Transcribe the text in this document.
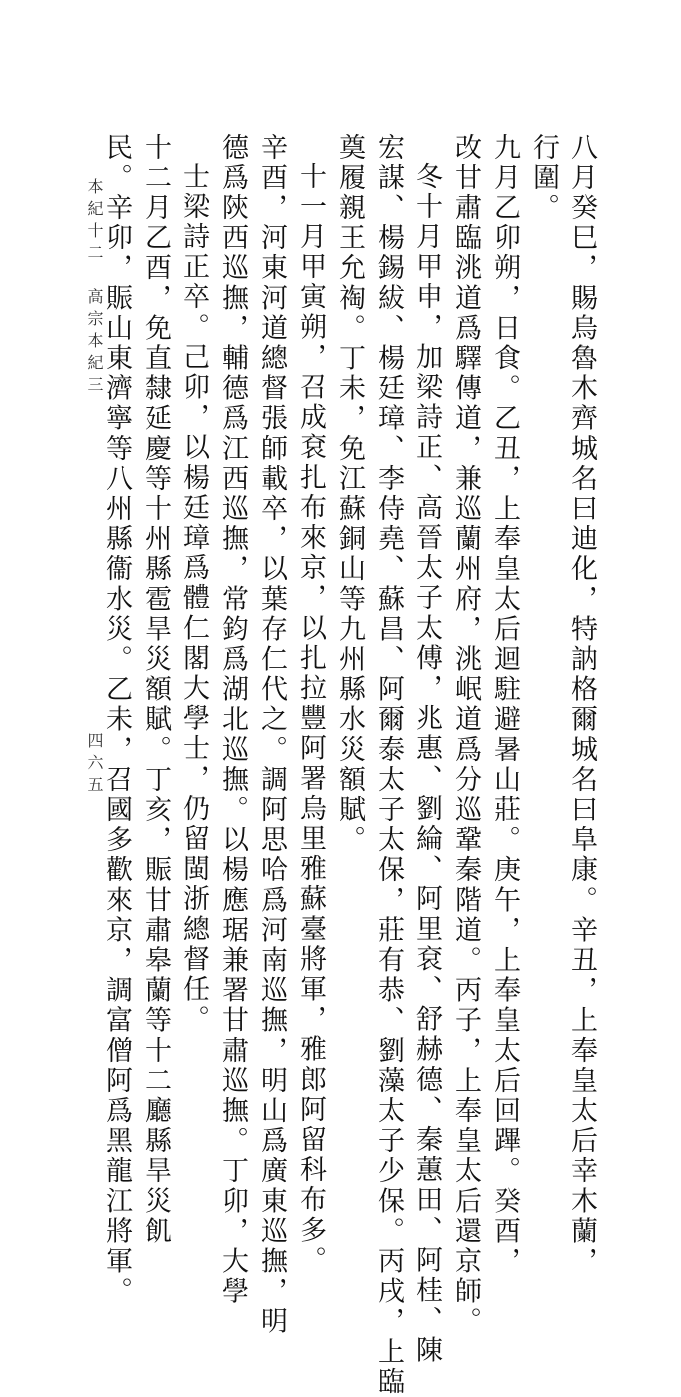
八月癸巳，賜烏魯木齊城名曰迪化，特訥格爾城名曰阜康。辛丑，上奉皇太后幸木蘭，
行圍。
九月乙卯朔，日食。乙丑，上奉皇太后迴駐避暑山莊。庚午，上奉皇太后回蹕。癸酉，
改甘肅臨洮道爲驛傳道，兼巡蘭州府，洮岷道爲分巡鞏秦階道。丙子，上奉皇太后還京師。
冬十月甲申，加梁詩正、高晉太子太傅，兆惠、劉綸、阿里袞、舒赫德、秦蕙田、阿桂、陳
宏謀、楊錫紱、楊廷璋、李侍堯、蘇昌、阿爾泰太子太保，莊有恭、劉藻太子少保。丙戌，上臨
奠履親王允祹。丁未，免江蘇銅山等九州縣水災額賦。
十一月甲寅朔，召成袞扎布來京，以扎拉豐阿署烏里雅蘇臺將軍，雅郎阿留科布多。
辛酉，河東河道總督張師載卒，以葉存仁代之。調阿思哈爲河南巡撫，明山爲廣東巡撫，明
德爲陝西巡撫，輔德爲江西巡撫，常鈞爲湖北巡撫。以楊應琚兼署甘肅巡撫。丁卯，大學
士梁詩正卒。己卯，以楊廷璋爲體仁閣大學士，仍留閩浙總督任。
十二月乙酉，免直隸延慶等十州縣雹旱災額賦。丁亥，賑甘肅皋蘭等十二廳縣旱災飢
民。辛卯，賑山東濟寧等八州縣衞水災。乙未，召國多歡來京，調富僧阿爲黑龍江將軍。
本紀十二　高宗本紀三
四六五
